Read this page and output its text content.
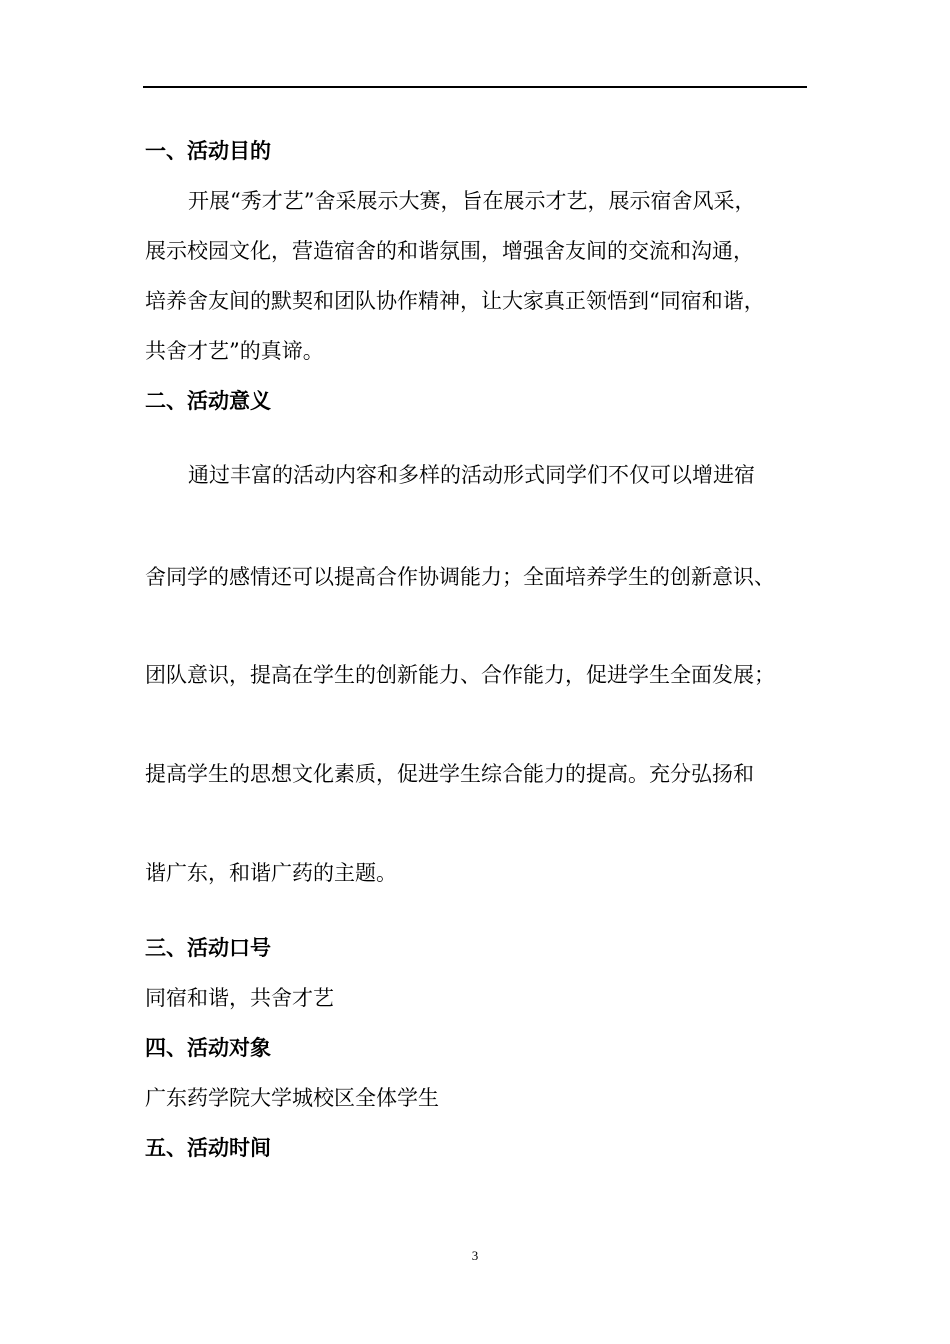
一、活动目的
开展“秀才艺”舍采展示大赛，旨在展示才艺，展示宿舍风采，
展示校园文化，营造宿舍的和谐氛围，增强舍友间的交流和沟通，
培养舍友间的默契和团队协作精神，让大家真正领悟到“同宿和谐，
共舍才艺”的真谛。
二、活动意义
通过丰富的活动内容和多样的活动形式同学们不仅可以增进宿
舍同学的感情还可以提高合作协调能力；全面培养学生的创新意识、
团队意识，提高在学生的创新能力、合作能力，促进学生全面发展；
提高学生的思想文化素质，促进学生综合能力的提高。充分弘扬和
谐广东，和谐广药的主题。
三、活动口号
同宿和谐，共舍才艺
四、活动对象
广东药学院大学城校区全体学生
五、活动时间
3
